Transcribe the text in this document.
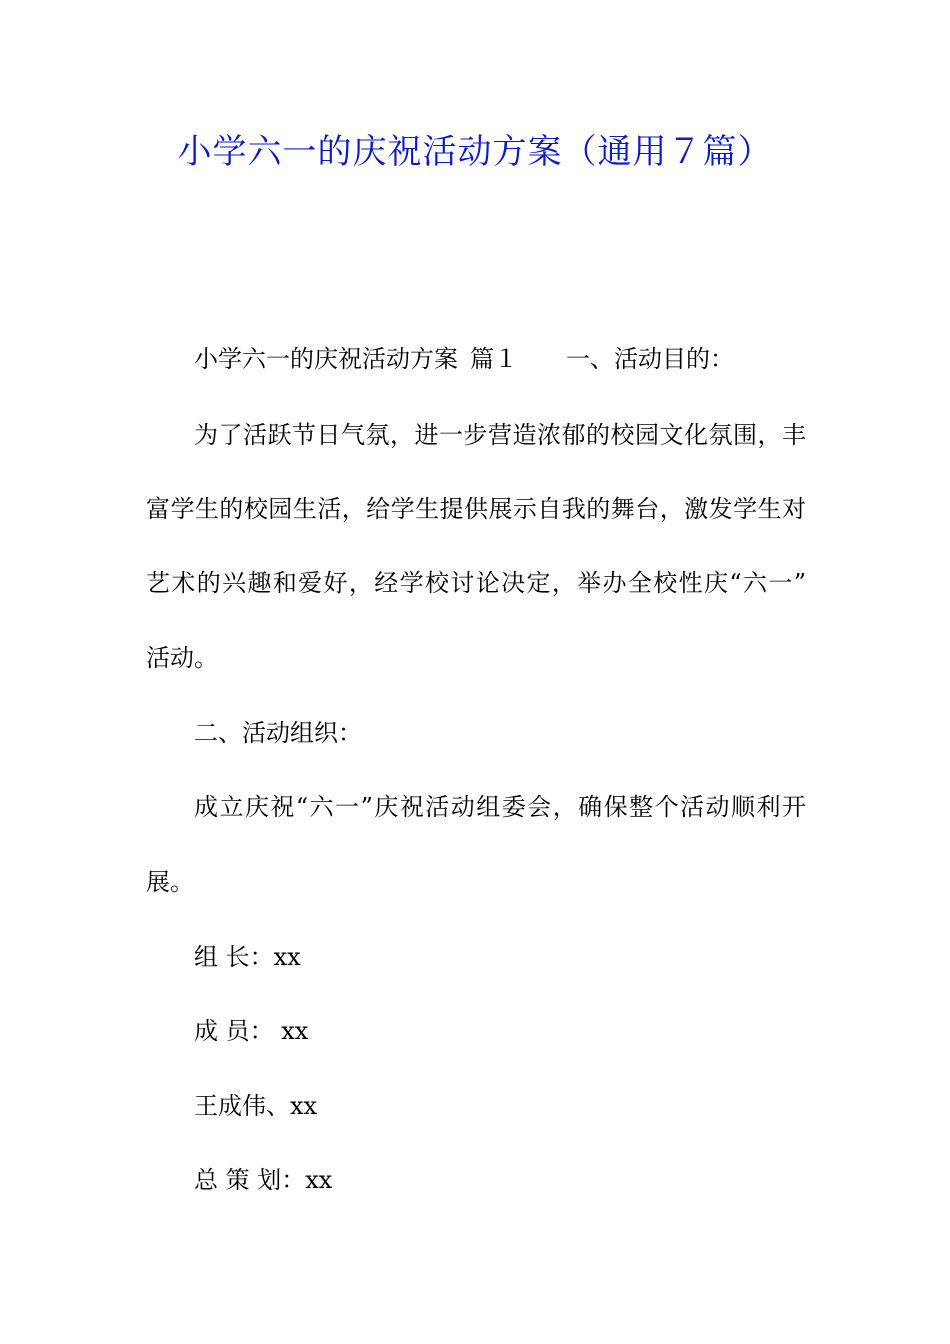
小学六一的庆祝活动方案（通用７篇）
小学六一的庆祝活动方案 篇１ 一、活动目的：
为了活跃节日气氛，进一步营造浓郁的校园文化氛围，丰
富学生的校园生活，给学生提供展示自我的舞台，激发学生对
艺术的兴趣和爱好，经学校讨论决定，举办全校性庆“六一”
活动。
二、活动组织：
成立庆祝“六一”庆祝活动组委会，确保整个活动顺利开
展。
组 长：xx
成 员： xx
王成伟、xx
总 策 划：xx
